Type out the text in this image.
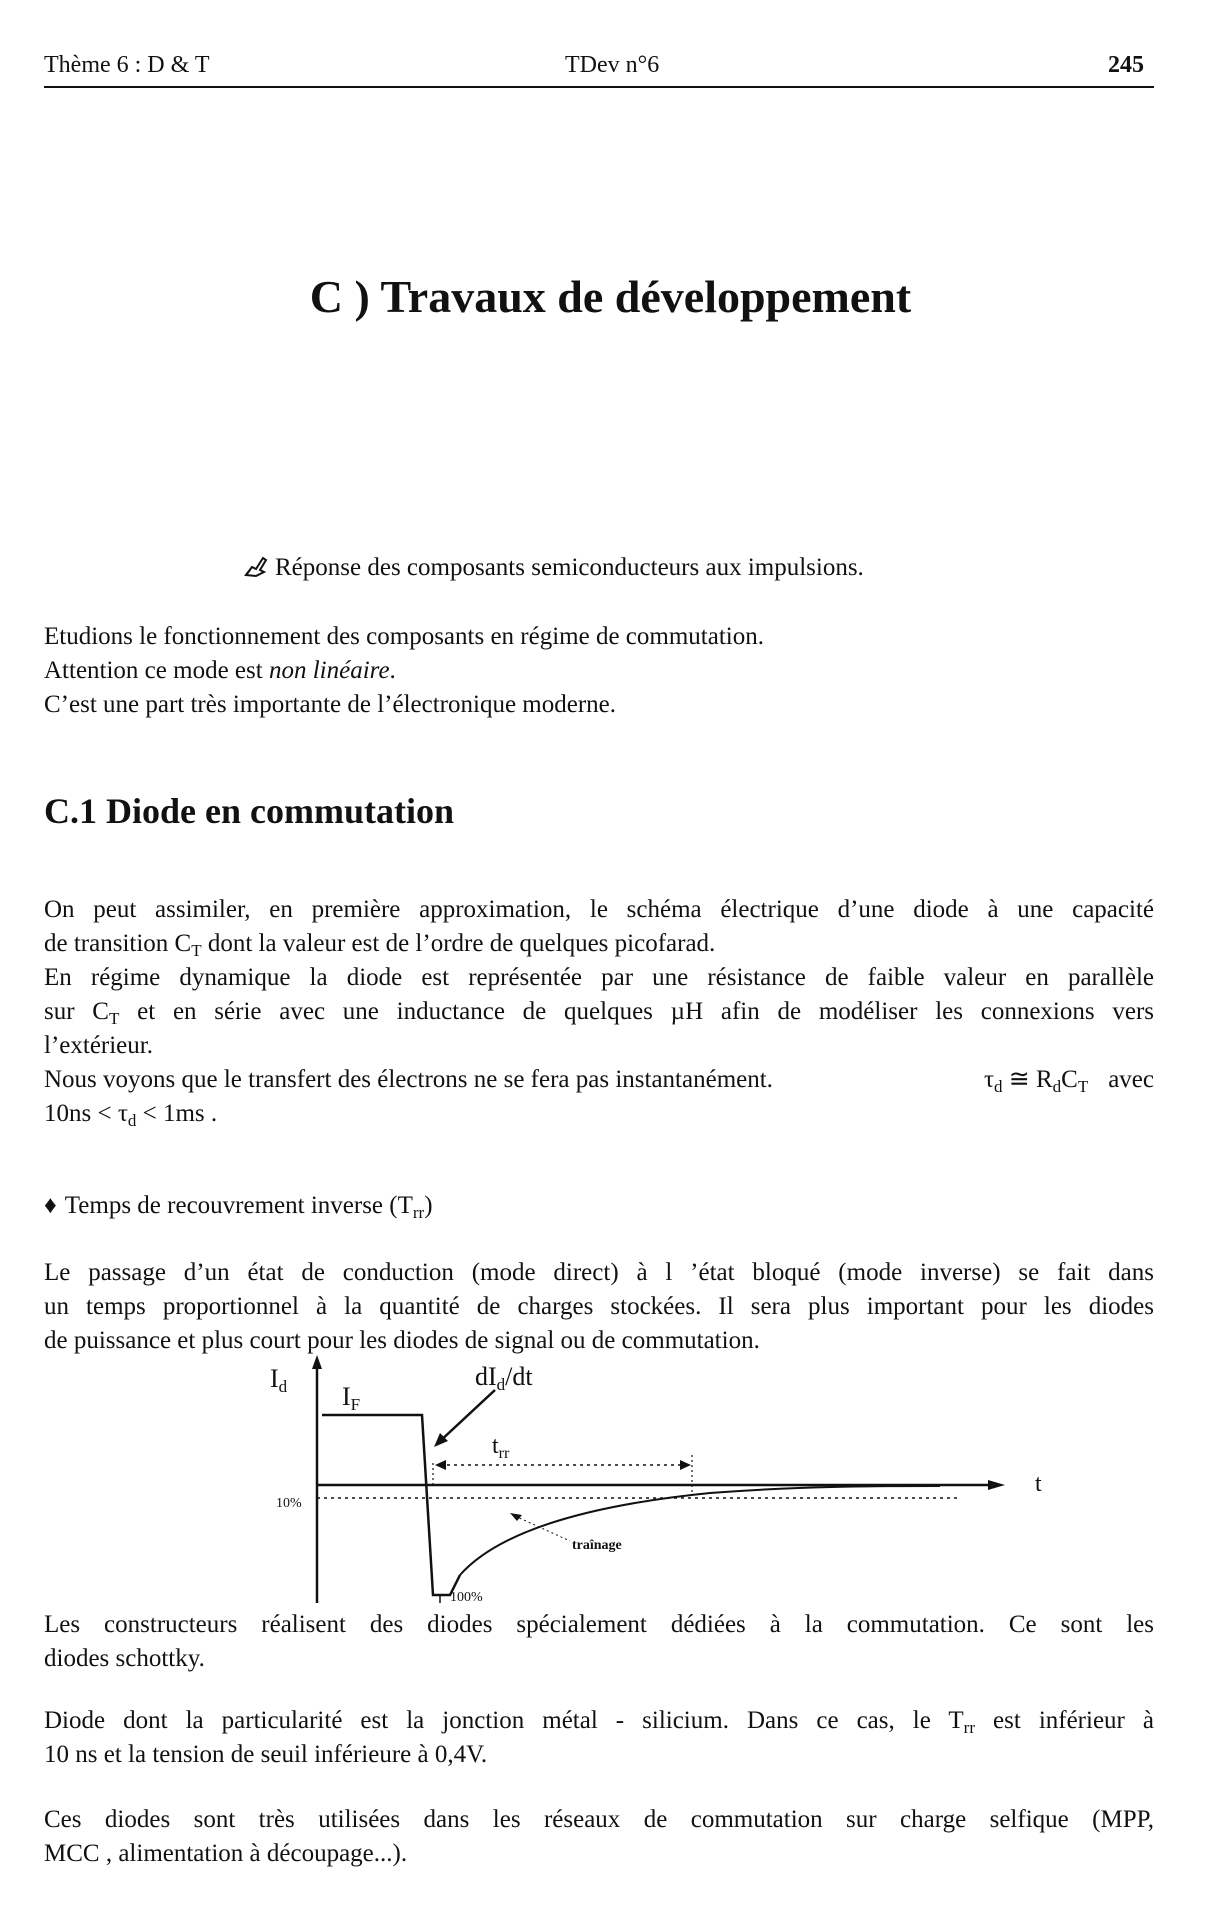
Thème 6 : D & T	TDev n°6	245
C ) Travaux de développement
Réponse des composants semiconducteurs aux impulsions.
Etudions le fonctionnement des composants en régime de commutation.
Attention ce mode est non linéaire.
C’est une part très importante de l’électronique moderne.
C.1 Diode en commutation
On peut assimiler, en première approximation, le schéma électrique d’une diode à une capacité
de transition $C_T$ dont la valeur est de l’ordre de quelques picofarad.
En régime dynamique la diode est représentée par une résistance de faible valeur en parallèle
sur $C_T$ et en série avec une inductance de quelques µH afin de modéliser les connexions vers
l’extérieur.
Nous voyons que le transfert des électrons ne se fera pas instantanément.	$\tau_d$ ≅ $R_dC_T$ avec
$10ns < \tau_d < 1ms$ .
♦ Temps de recouvrement inverse $(T_{rr})$
Le passage d’un état de conduction (mode direct) à l ’état bloqué (mode inverse) se fait dans
un temps proportionnel à la quantité de charges stockées. Il sera plus important pour les diodes
de puissance et plus court pour les diodes de signal ou de commutation.
Id IF
dId/dt
$t_{rr}$
t
10%
100%
traînage
Les constructeurs réalisent des diodes spécialement dédiées à la commutation. Ce sont les
diodes schottky.
Diode dont la particularité est la jonction métal - silicium. Dans ce cas, le $T_{rr}$ est inférieur à
10 ns et la tension de seuil inférieure à 0,4V.
Ces diodes sont très utilisées dans les réseaux de commutation sur charge selfique (MPP,
MCC , alimentation à découpage...).
